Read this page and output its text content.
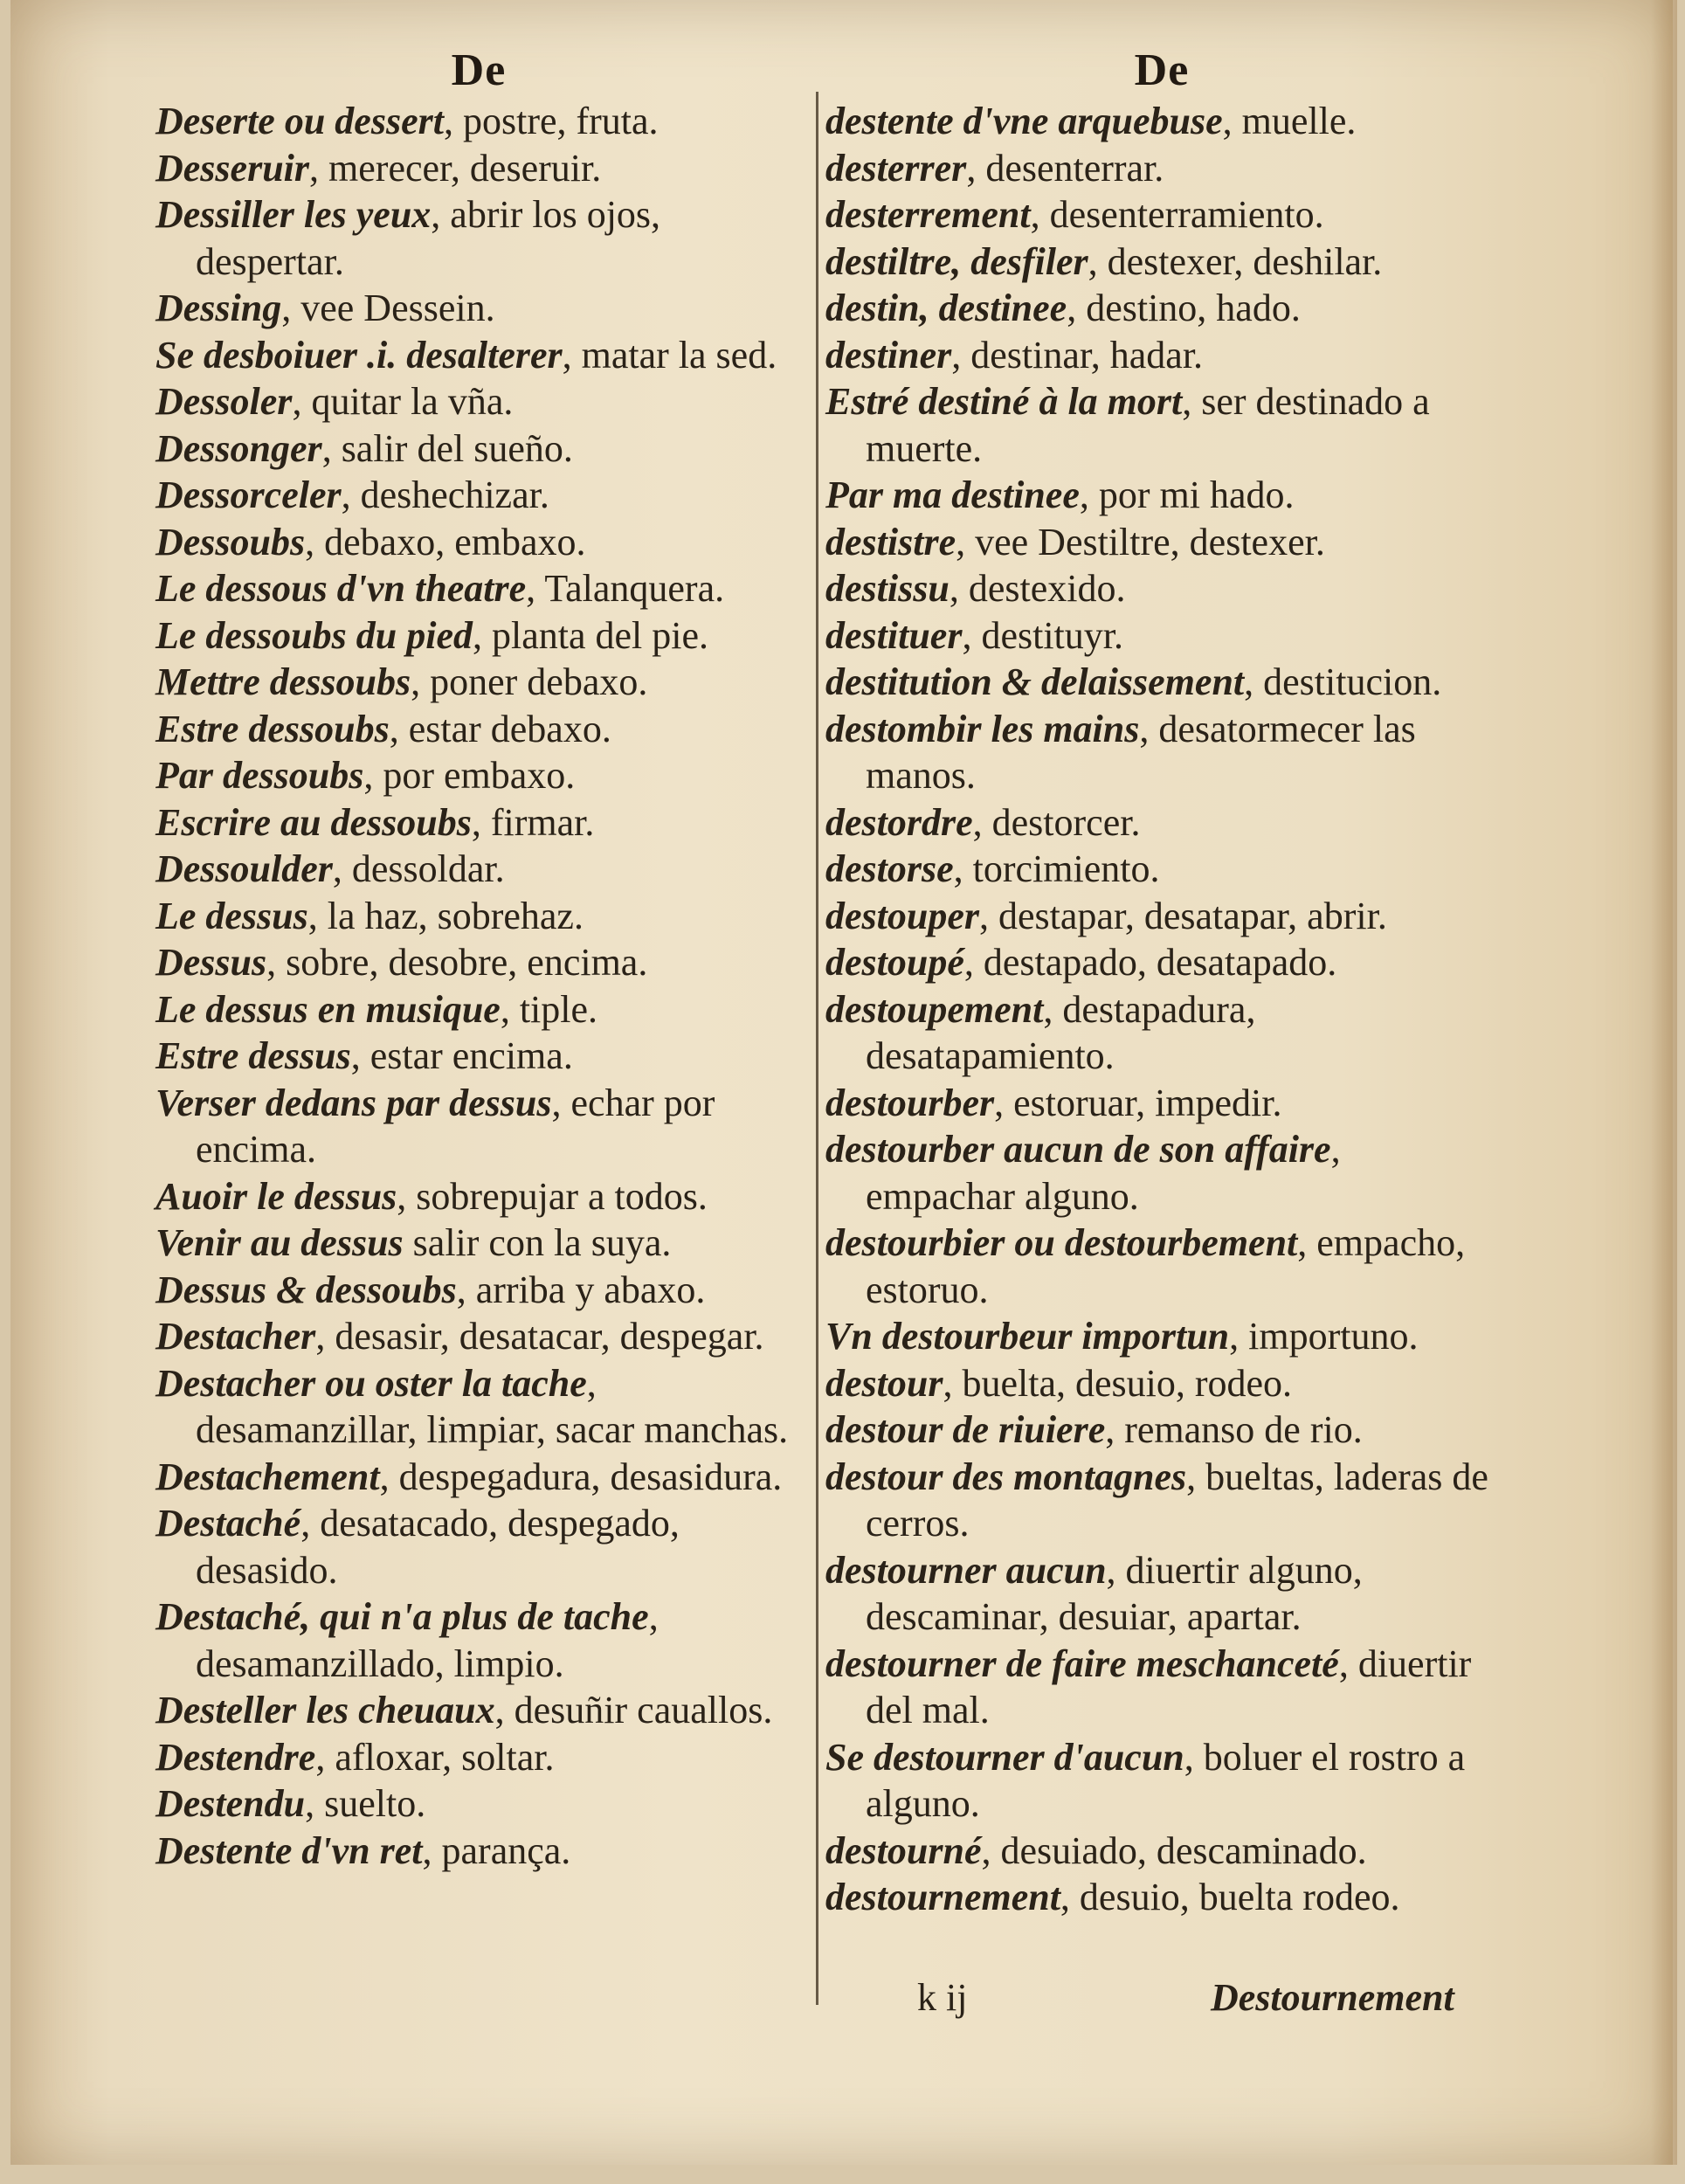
De

Deserte ou dessert, postre, fruta.

Desseruir, merecer, deseruir.

Dessiller les yeux, abrir los ojos, despertar.

Dessing, vee Dessein.

Se desboiuer .i. desalterer, matar la sed.

Dessoler, quitar la vña.

Dessonger, salir del sueño.

Dessorceler, deshechizar.

Dessoubs, debaxo, embaxo.

Le dessous d'vn theatre, Talanquera.

Le dessoubs du pied, planta del pie.

Mettre dessoubs, poner debaxo.

Estre dessoubs, estar debaxo.

Par dessoubs, por embaxo.

Escrire au dessoubs, firmar.

Dessoulder, dessoldar.

Le dessus, la haz, sobrehaz.

Dessus, sobre, desobre, encima.

Le dessus en musique, tiple.

Estre dessus, estar encima.

Verser dedans par dessus, echar por encima.

Auoir le dessus, sobrepujar a todos.

Venir au dessus salir con la suya.

Dessus & dessoubs, arriba y abaxo.

Destacher, desasir, desatacar, despegar.

Destacher ou oster la tache, desamanzillar, limpiar, sacar manchas.

Destachement, despegadura, desasidura.

Destaché, desatacado, despegado, desasido.

Destaché, qui n'a plus de tache, desamanzillado, limpio.

Desteller les cheuaux, desuñir cauallos.

Destendre, afloxar, soltar.

Destendu, suelto.

Destente d'vn ret, parança.

De

destente d'vne arquebuse, muelle.

desterrer, desenterrar.

desterrement, desenterramiento.

destiltre, desfiler, destexer, deshilar.

destin, destinee, destino, hado.

destiner, destinar, hadar.

Estré destiné à la mort, ser destinado a muerte.

Par ma destinee, por mi hado.

destistre, vee Destiltre, destexer.

destissu, destexido.

destituer, destituyr.

destitution & delaissement, destitucion.

destombir les mains, desatormecer las manos.

destordre, destorcer.

destorse, torcimiento.

destouper, destapar, desatapar, abrir.

destoupé, destapado, desatapado.

destoupement, destapadura, desatapamiento.

destourber, estoruar, impedir.

destourber aucun de son affaire, empachar alguno.

destourbier ou destourbement, empacho, estoruo.

Vn destourbeur importun, importuno.

destour, buelta, desuio, rodeo.

destour de riuiere, remanso de rio.

destour des montagnes, bueltas, laderas de cerros.

destourner aucun, diuertir alguno, descaminar, desuiar, apartar.

destourner de faire meschanceté, diuertir del mal.

Se destourner d'aucun, boluer el rostro a alguno.

destourné, desuiado, descaminado.

destournement, desuio, buelta rodeo.

k ij	Destournement
